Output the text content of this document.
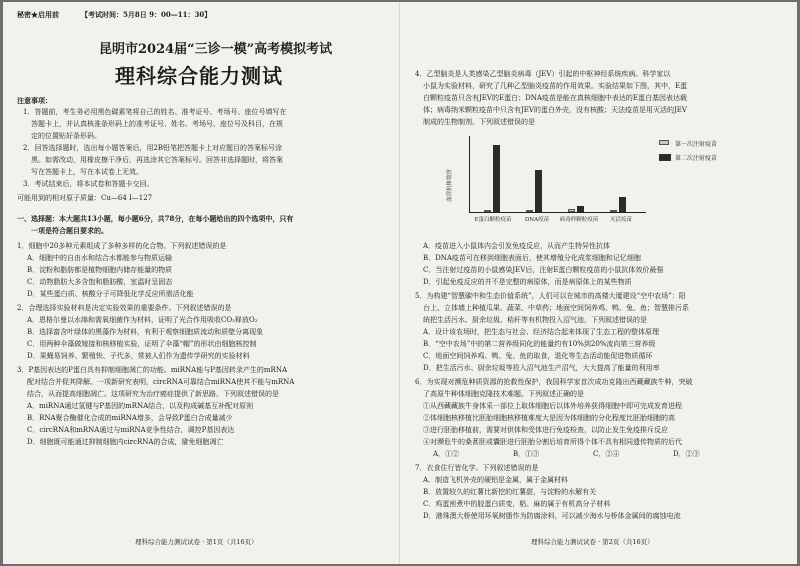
秘密★启用前	【考试时间：5月8日 9：00—11：30】
昆明市2024届“三诊一模”高考模拟考试
理科综合能力测试
注意事项：
1．答题前，考生务必用黑色碳素笔将自己的姓名、准考证号、考场号、座位号填写在
答题卡上，并认真核准条形码上的准考证号、姓名、考场号、座位号及科目，在规
定的位置贴好条形码。
2．回答选择题时，选出每小题答案后，用2B铅笔把答题卡上对应题目的答案标号涂
黑。如需改动，用橡皮擦干净后，再选涂其它答案标号。回答非选择题时，将答案
写在答题卡上，写在本试卷上无效。
3．考试结束后，将本试卷和答题卡交回。
可能用到的相对原子质量：Cu—64 I—127
一、选择题：本大题共13小题，每小题6分，共78分，在每小题给出的四个选项中，只有
一项是符合题目要求的。
1．细胞中20多种元素组成了多种多样的化合物。下列叙述错误的是
A．细胞中的自由水和结合水都能参与物质运输
B．淀粉和脂肪都是植物细胞内储存能量的物质
C．动物脂肪大多含饱和脂肪酸，室温时呈固态
D．某些蛋白质、核酸分子可降低化学反应所需活化能
2．合理选择实验材料是决定实验效果的重要条件。下列叙述错误的是
A．恩格尔曼以水绵和需氧细菌作为材料，证明了光合作用吸收CO₂释放O₂
B．选择富含叶绿体的黑藻作为材料，有利于观察细胞质流动和质壁分离现象
C．用两种伞藻做嫁接和核移植实验，证明了伞藻“帽”的形状由细胞核控制
D．果蝇易饲养、繁殖快、子代多，常被人们作为遗传学研究的实验材料
3．P基因表达的P蛋白具有抑制细胞凋亡的功能。miRNA能与P基因转录产生的mRNA
配对结合并促其降解。一项新研究表明，circRNA可靠结合miRNA使其不能与mRNA
结合，从而提高细胞凋亡。这项研究为治疗癌症提供了新思路。下列叙述错误的是
A．miRNA通过氢键与P基因的mRNA结合，以及构成碱基互补配对原则
B．RNA聚合酶催化合成的miRNA增多，会导致P蛋白合成量减少
C．circRNA和mRNA通过与miRNA竞争性结合，调控P基因表达
D．细胞既可能通过抑制细胞内circRNA的合成，避免细胞凋亡
理科综合能力测试试卷 · 第1页（共16页）
4．乙型脑炎是人类感染乙型脑炎病毒（JEV）引起的中枢神经系统疾病。科学家以
小鼠为实验材料，研究了几种乙型脑炎疫苗的作用效果。实验结果如下图，其中，E蛋
白颗粒疫苗只含有JEV的E蛋白；DNA疫苗是能在真核细胞中表达的E蛋白基因表达载
体；病毒纳米颗粒疫苗中只含有JEV的蛋白外壳，没有核酸；天法疫苗是用灭活的JEV
制成的生物制剂。下列叙述错误的是
血清抗体效价
E蛋白颗粒疫苗	DNA疫苗	病毒样颗粒疫苗	灭活疫苗
第一次注射疫苗
第二次注射疫苗
A．疫苗进入小鼠体内会引发免疫反应，从而产生特异性抗体
B．DNA疫苗可在移到细胞表面后，使其增殖分化成浆细胞和记忆细胞
C．当注射过疫苗的小鼠感染JEV后，注射E蛋白颗粒疫苗的小鼠抗体效价最强
D．引起免疫反应的并不是完整的病原体，而是病原体上的某些物质
5．为构建“智慧碳中和生态价值系统”，人们可以在城市的高楼大厦建设“空中农场”：阳
台上、立体墙上种植瓜果、蔬菜、中草药；地面空间饲养鸡、鸭、兔、鱼；智慧排污系
统把生活污水、厨余垃圾、秸秆等有机物投入沼气池，下列叙述错误的是
A．设计该农场时，把生态与社会、经济结合起来体现了生态工程的整体原理
B．“空中农场”中的第二营养级同化的能量约有10%到20%流向第三营养级
C．地面空间饲养鸡、鸭、兔、鱼的取食，退化等生态活动能促进物质循环
D．把生活污水、厨余垃圾等投入沼气池生产沼气，大大提高了能量的利用率
6．为实现对濒危种质资源的抢救性保护，我国科学家首次成功克隆出西藏藏族牛种，突破
了高原牛种体细胞克隆技术难题。下列叙述正确的是
①从西藏藏族牛身体采一部位上取体细胞后以体外培养获得细胞中即可完成发育进程
②体细胞核移植比胚胎细胞核移植难度大是因为体细胞的分化程度比胚胎细胞的高
③进行胚胎移植前，需要对供体和受体进行免疫检查，以防止发生免疫排斥反应
④对濒危牛的桑葚胚或囊胚进行胚胎分割后培育所得个体不具有相同遗传物质的后代
A．①②	B．①③	C．②④	D．②③
7．衣食住行皆化学。下列叙述错误的是
A．制造飞机外壳的硬铝是金属，属于金属材料
B．放置较久的红薯比新挖的红薯甜，与淀粉的水解有关
C．鸡蛋煎煮中的胶蛋白质变，粘、麻的属于有机高分子材料
D．港珠澳大桥使用环氧树脂作为防腐涂料，可以减少海水与桥体金属间的腐蚀电流
理科综合能力测试试卷 · 第2页（共16页）
